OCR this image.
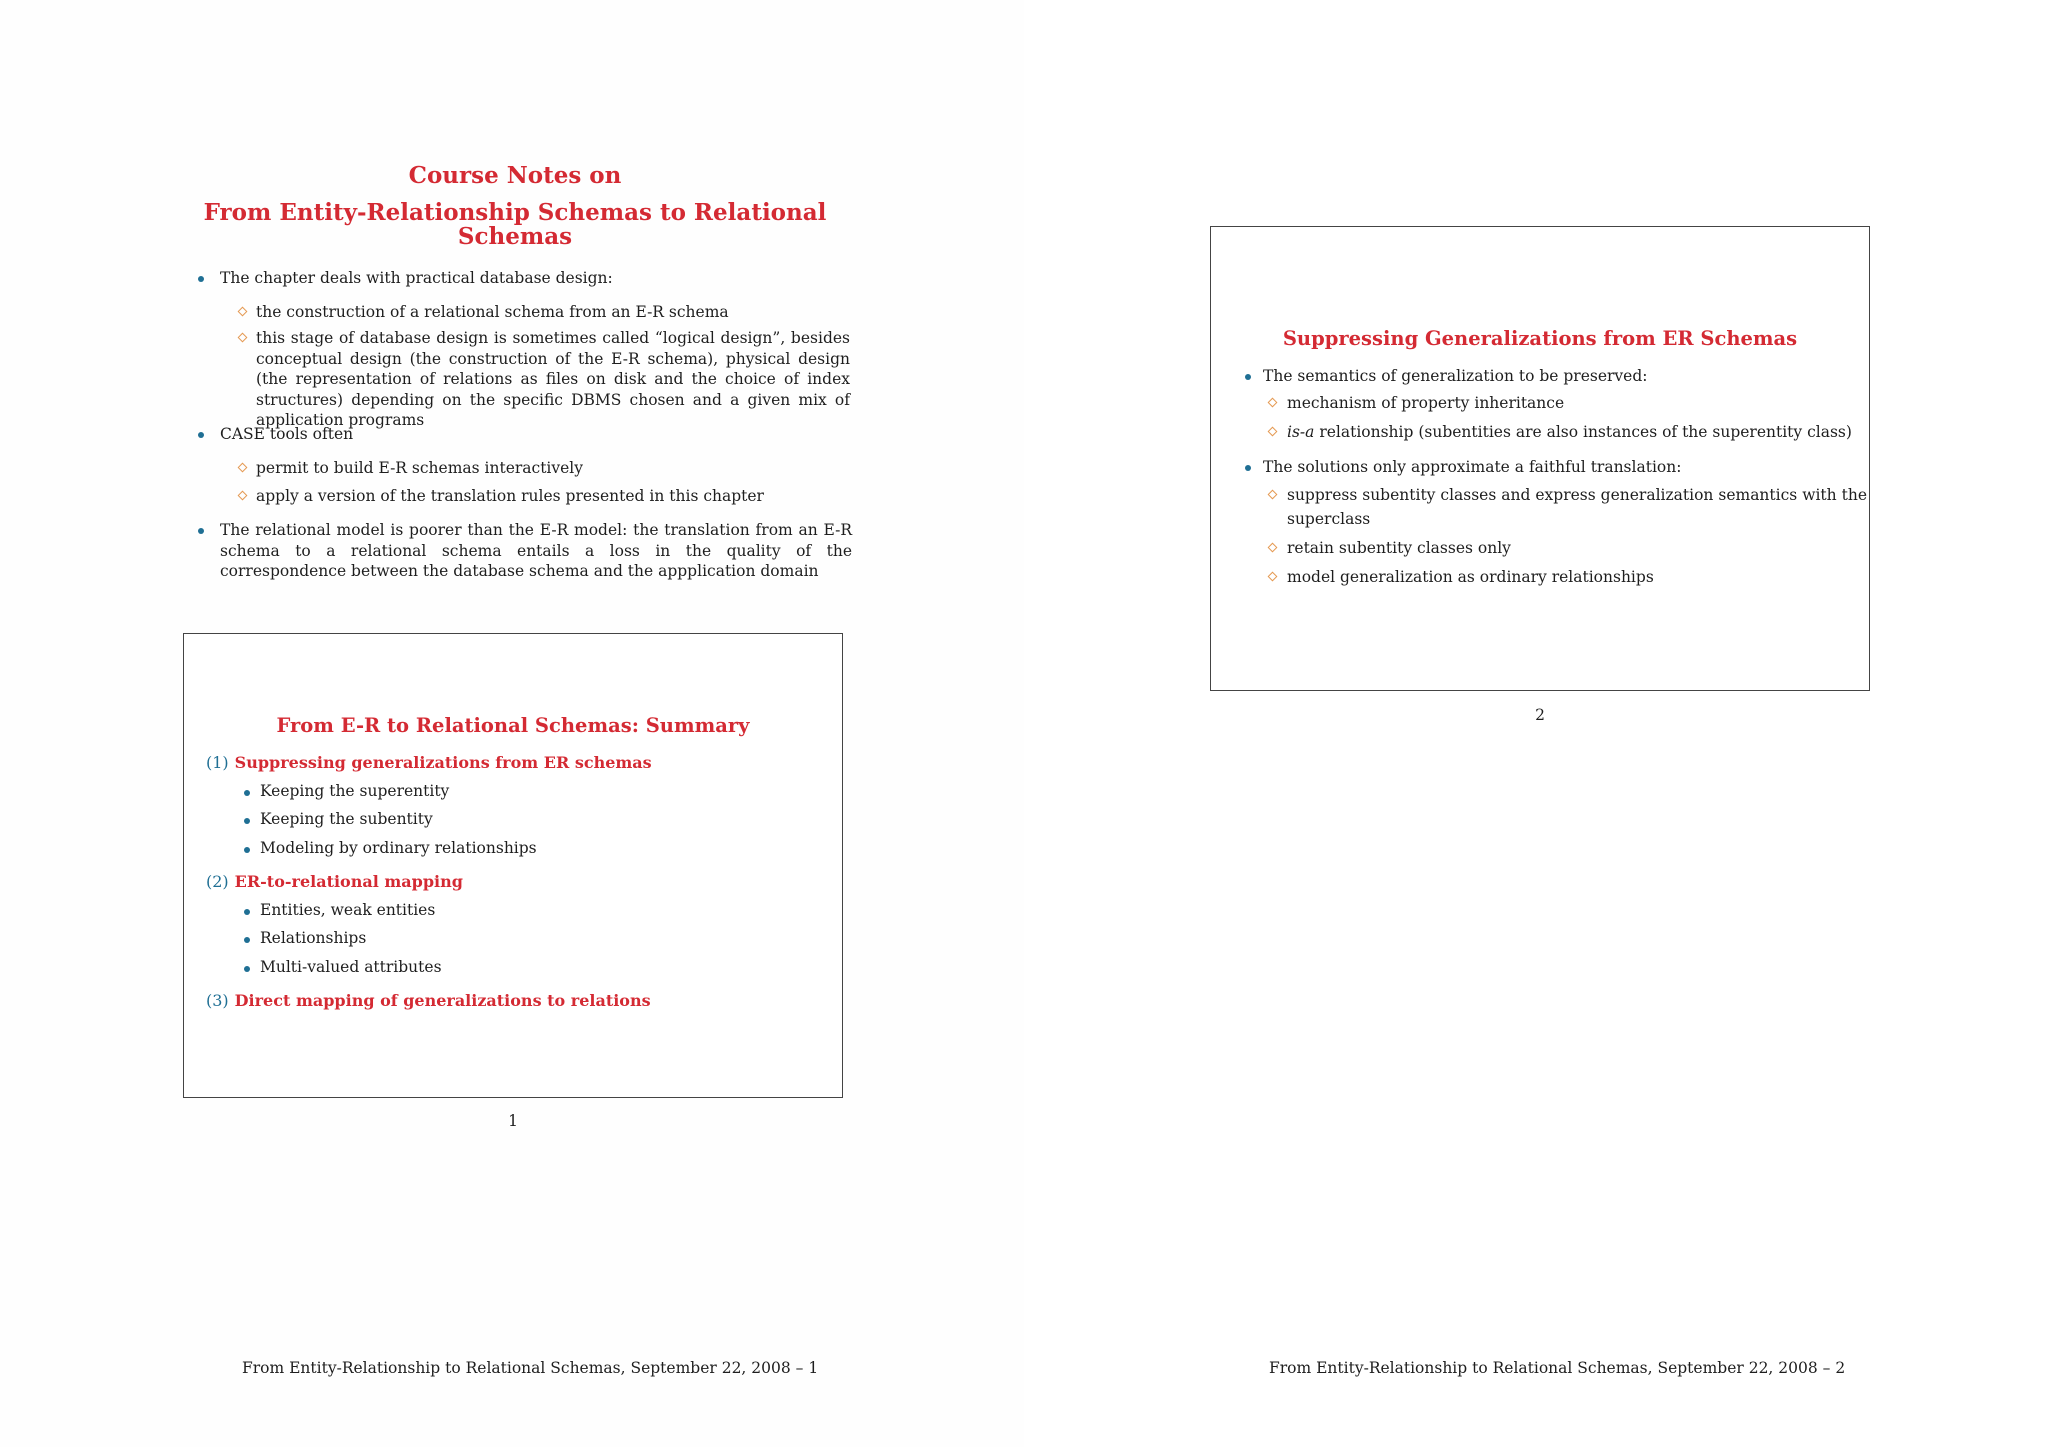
Course Notes on
From Entity-Relationship Schemas to Relational Schemas
The chapter deals with practical database design:
the construction of a relational schema from an E-R schema
this stage of database design is sometimes called “logical design”, besides conceptual design (the construction of the E-R schema), physical design (the representation of relations as files on disk and the choice of index structures) depending on the specific DBMS chosen and a given mix of application programs
CASE tools often
permit to build E-R schemas interactively
apply a version of the translation rules presented in this chapter
The relational model is poorer than the E-R model: the translation from an E-R schema to a relational schema entails a loss in the quality of the correspondence between the database schema and the appplication domain
From E-R to Relational Schemas: Summary
(1) Suppressing generalizations from ER schemas
Keeping the superentity
Keeping the subentity
Modeling by ordinary relationships
(2) ER-to-relational mapping
Entities, weak entities
Relationships
Multi-valued attributes
(3) Direct mapping of generalizations to relations
1
From Entity-Relationship to Relational Schemas, September 22, 2008 – 1
Suppressing Generalizations from ER Schemas
The semantics of generalization to be preserved:
mechanism of property inheritance
is-a relationship (subentities are also instances of the superentity class)
The solutions only approximate a faithful translation:
suppress subentity classes and express generalization semantics with the superclass
retain subentity classes only
model generalization as ordinary relationships
2
From Entity-Relationship to Relational Schemas, September 22, 2008 – 2
